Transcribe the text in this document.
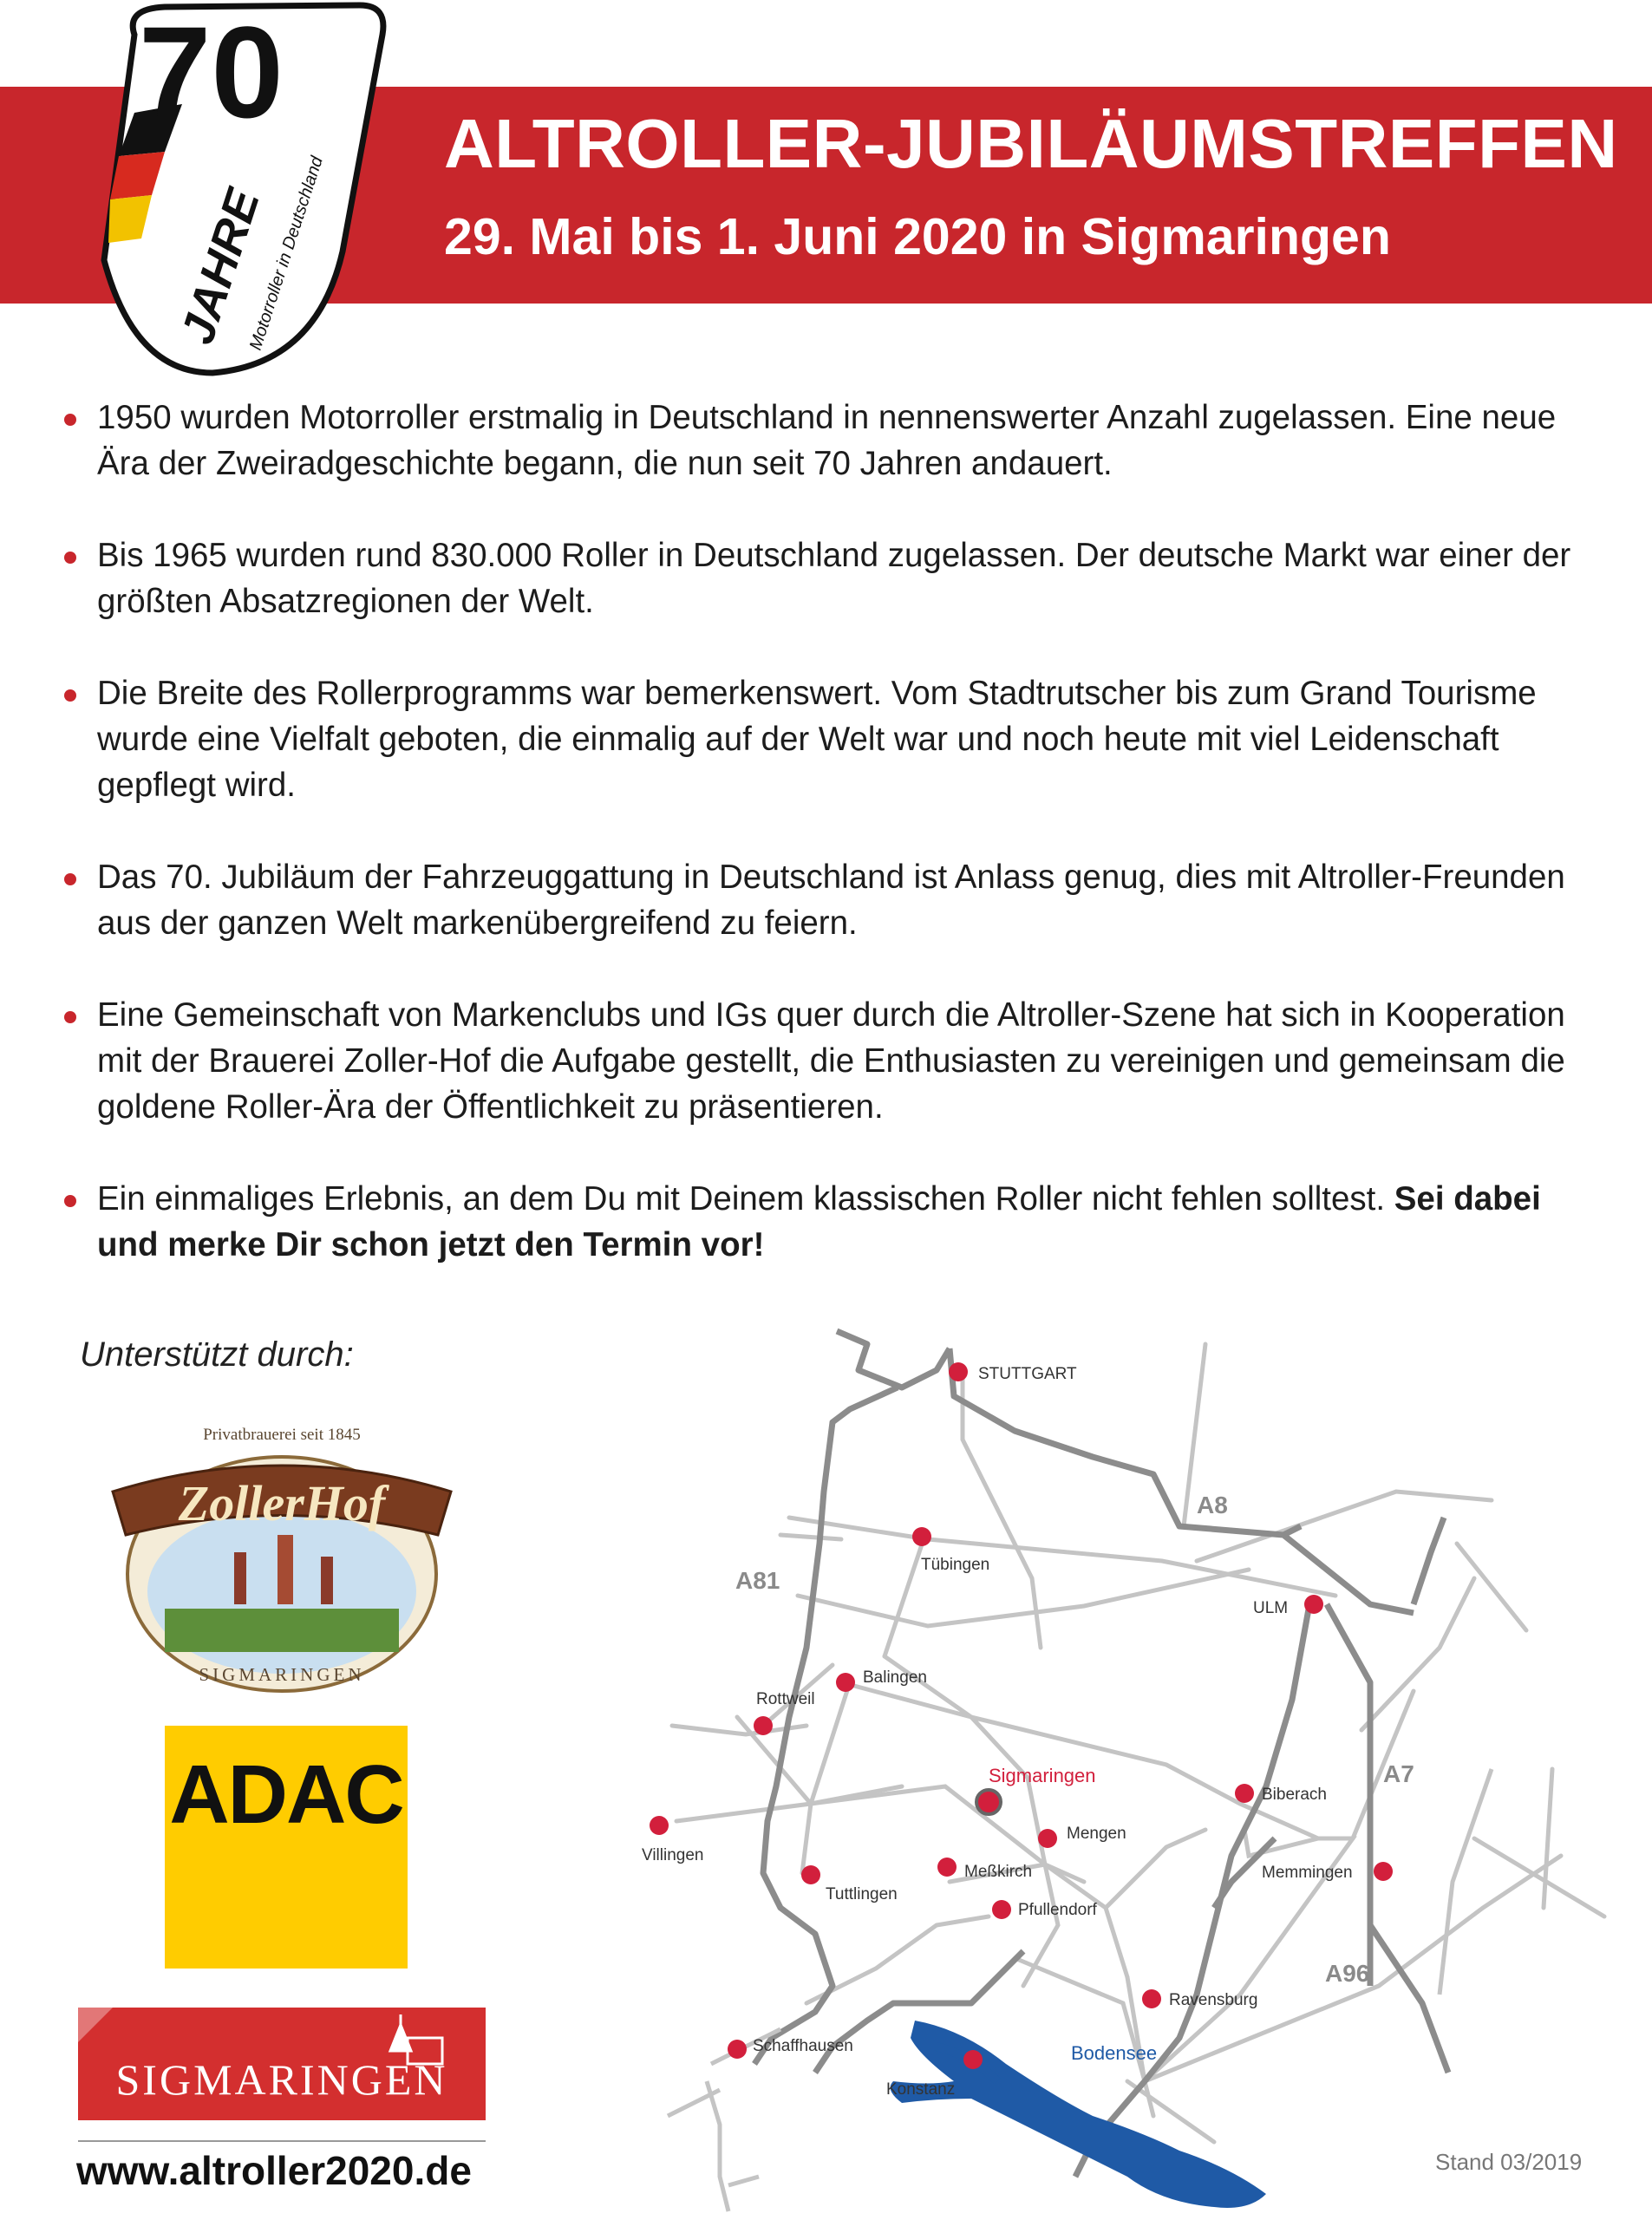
ALTROLLER-JUBILÄUMSTREFFEN
29. Mai bis 1. Juni 2020 in Sigmaringen
70
JAHRE
Motorroller in Deutschland
1950 wurden Motorroller erstmalig in Deutschland in nennenswerter Anzahl zugelassen. Eine neue Ära der Zweiradgeschichte begann, die nun seit 70 Jahren andauert.
Bis 1965 wurden rund 830.000 Roller in Deutschland zugelassen. Der deutsche Markt war einer der größten Absatzregionen der Welt.
Die Breite des Rollerprogramms war bemerkenswert. Vom Stadtrutscher bis zum Grand Tourisme wurde eine Vielfalt geboten, die einmalig auf der Welt war und noch heute mit viel Leidenschaft gepflegt wird.
Das 70. Jubiläum der Fahrzeuggattung in Deutschland ist Anlass genug, dies mit Altroller-Freunden aus der ganzen Welt markenübergreifend zu feiern.
Eine Gemeinschaft von Markenclubs und IGs quer durch die Altroller-Szene hat sich in Kooperation mit der Brauerei Zoller-Hof die Aufgabe gestellt, die Enthusiasten zu vereinigen und gemeinsam die goldene Roller-Ära der Öffentlichkeit zu präsentieren.
Ein einmaliges Erlebnis, an dem Du mit Deinem klassischen Roller nicht fehlen solltest. Sei dabei und merke Dir schon jetzt den Termin vor!
Unterstützt durch:
Privatbrauerei seit 1845
ZollerHof
SIGMARINGEN
ADAC
SIGMARINGEN
www.altroller2020.de
A8
A81
A7
A96
STUTTGART
Tübingen
ULM
Balingen
Rottweil
Sigmaringen
Biberach
Mengen
Villingen
Tuttlingen
Meßkirch
Pfullendorf
Memmingen
Ravensburg
Schaffhausen
Konstanz
Bodensee
Stand 03/2019
